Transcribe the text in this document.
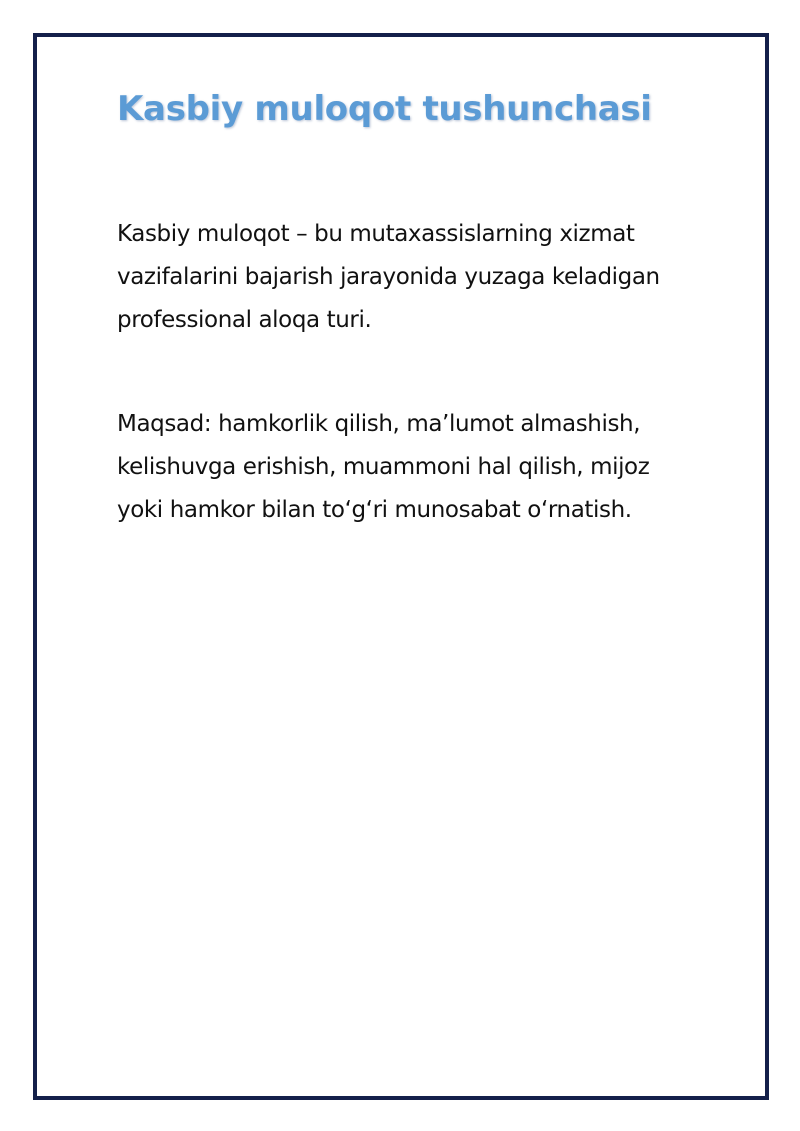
Kasbiy muloqot tushunchasi

Kasbiy muloqot – bu mutaxassislarning xizmat
vazifalarini bajarish jarayonida yuzaga keladigan
professional aloqa turi.

Maqsad: hamkorlik qilish, ma’lumot almashish,
kelishuvga erishish, muammoni hal qilish, mijoz
yoki hamkor bilan to‘g‘ri munosabat o‘rnatish.
